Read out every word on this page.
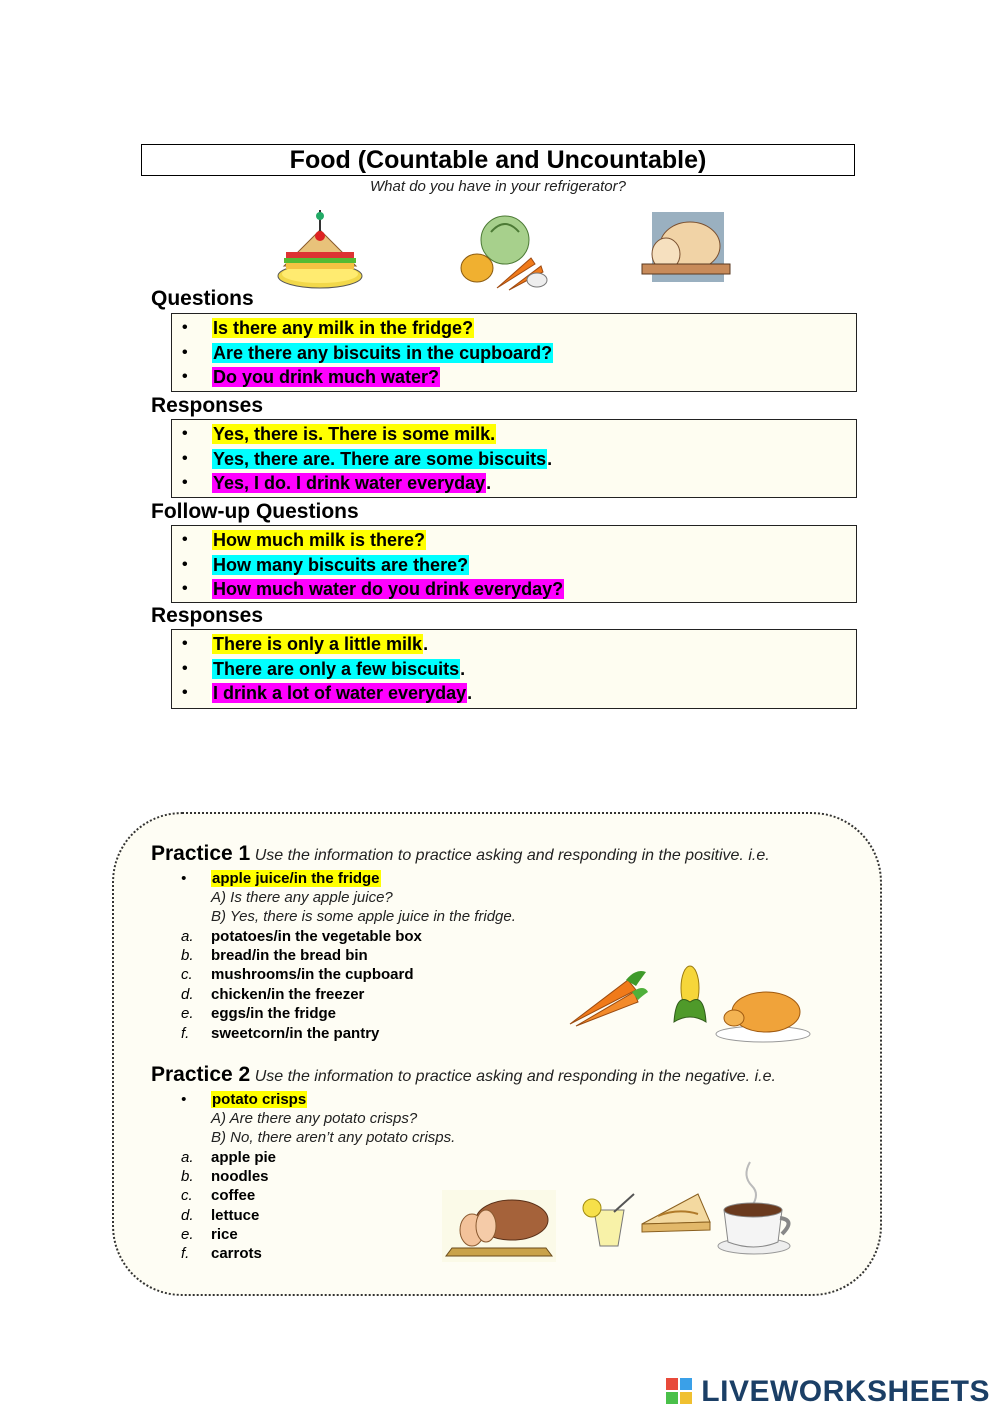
Food (Countable and Uncountable)
What do you have in your refrigerator?
Questions
• Is there any milk in the fridge?
• Are there any biscuits in the cupboard?
• Do you drink much water?
Responses
• Yes, there is. There is some milk.
• Yes, there are. There are some biscuits.
• Yes, I do. I drink water everyday.
Follow-up Questions
• How much milk is there?
• How many biscuits are there?
• How much water do you drink everyday?
Responses
• There is only a little milk.
• There are only a few biscuits.
• I drink a lot of water everyday.
Practice 1 Use the information to practice asking and responding in the positive. i.e.
• apple juice/in the fridge
A) Is there any apple juice?
B) Yes, there is some apple juice in the fridge.
a. potatoes/in the vegetable box
b. bread/in the bread bin
c. mushrooms/in the cupboard
d. chicken/in the freezer
e. eggs/in the fridge
f. sweetcorn/in the pantry
Practice 2 Use the information to practice asking and responding in the negative. i.e.
• potato crisps
A) Are there any potato crisps?
B) No, there aren’t any potato crisps.
a. apple pie
b. noodles
c. coffee
d. lettuce
e. rice
f. carrots
LIVEWORKSHEETS
